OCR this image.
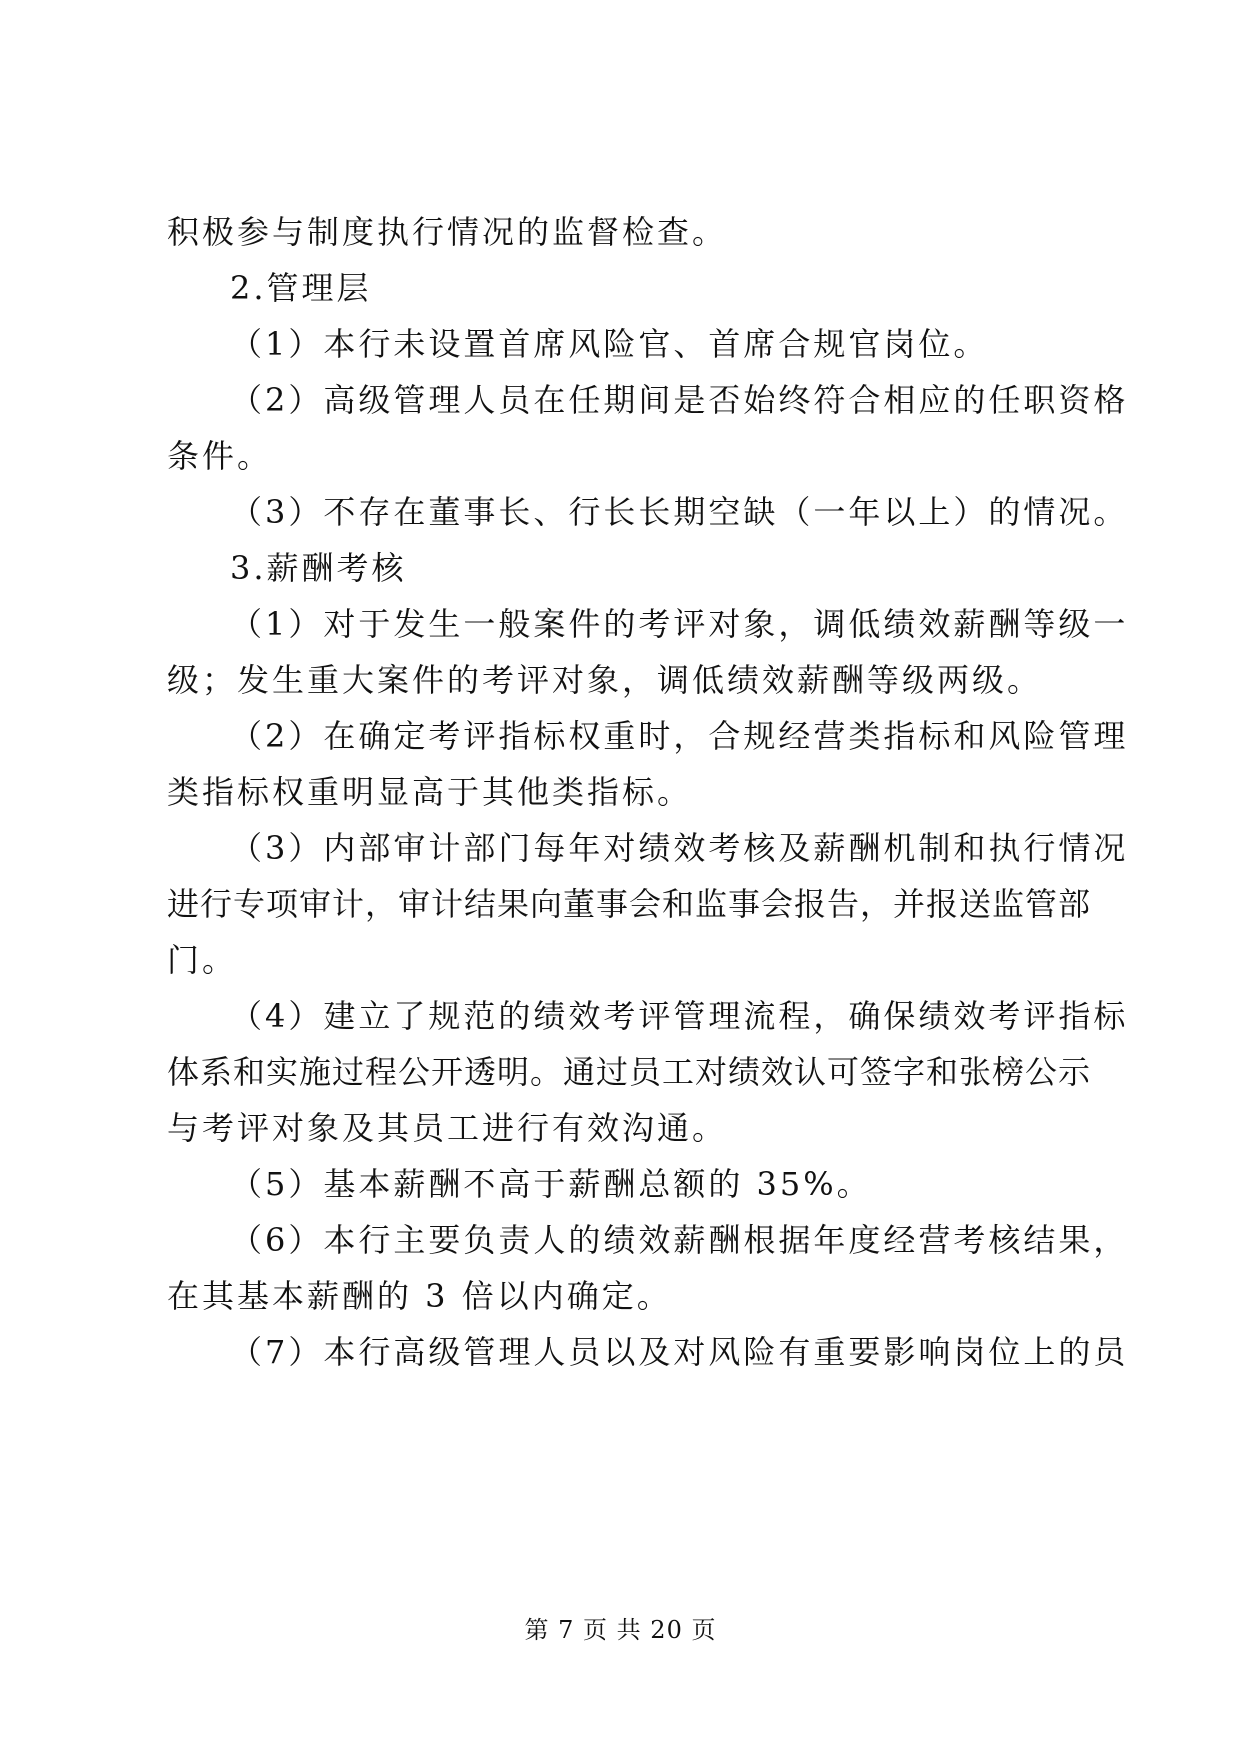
积极参与制度执行情况的监督检查。
2.管理层
（1）本行未设置首席风险官、首席合规官岗位。
（2）高级管理人员在任期间是否始终符合相应的任职资格
条件。
（3）不存在董事长、行长长期空缺（一年以上）的情况。
3.薪酬考核
（1）对于发生一般案件的考评对象，调低绩效薪酬等级一
级；发生重大案件的考评对象，调低绩效薪酬等级两级。
（2）在确定考评指标权重时，合规经营类指标和风险管理
类指标权重明显高于其他类指标。
（3）内部审计部门每年对绩效考核及薪酬机制和执行情况
进行专项审计，审计结果向董事会和监事会报告，并报送监管部
门。
（4）建立了规范的绩效考评管理流程，确保绩效考评指标
体系和实施过程公开透明。通过员工对绩效认可签字和张榜公示
与考评对象及其员工进行有效沟通。
（5）基本薪酬不高于薪酬总额的 35%。
（6）本行主要负责人的绩效薪酬根据年度经营考核结果，
在其基本薪酬的 3 倍以内确定。
（7）本行高级管理人员以及对风险有重要影响岗位上的员
第 7 页 共 20 页
